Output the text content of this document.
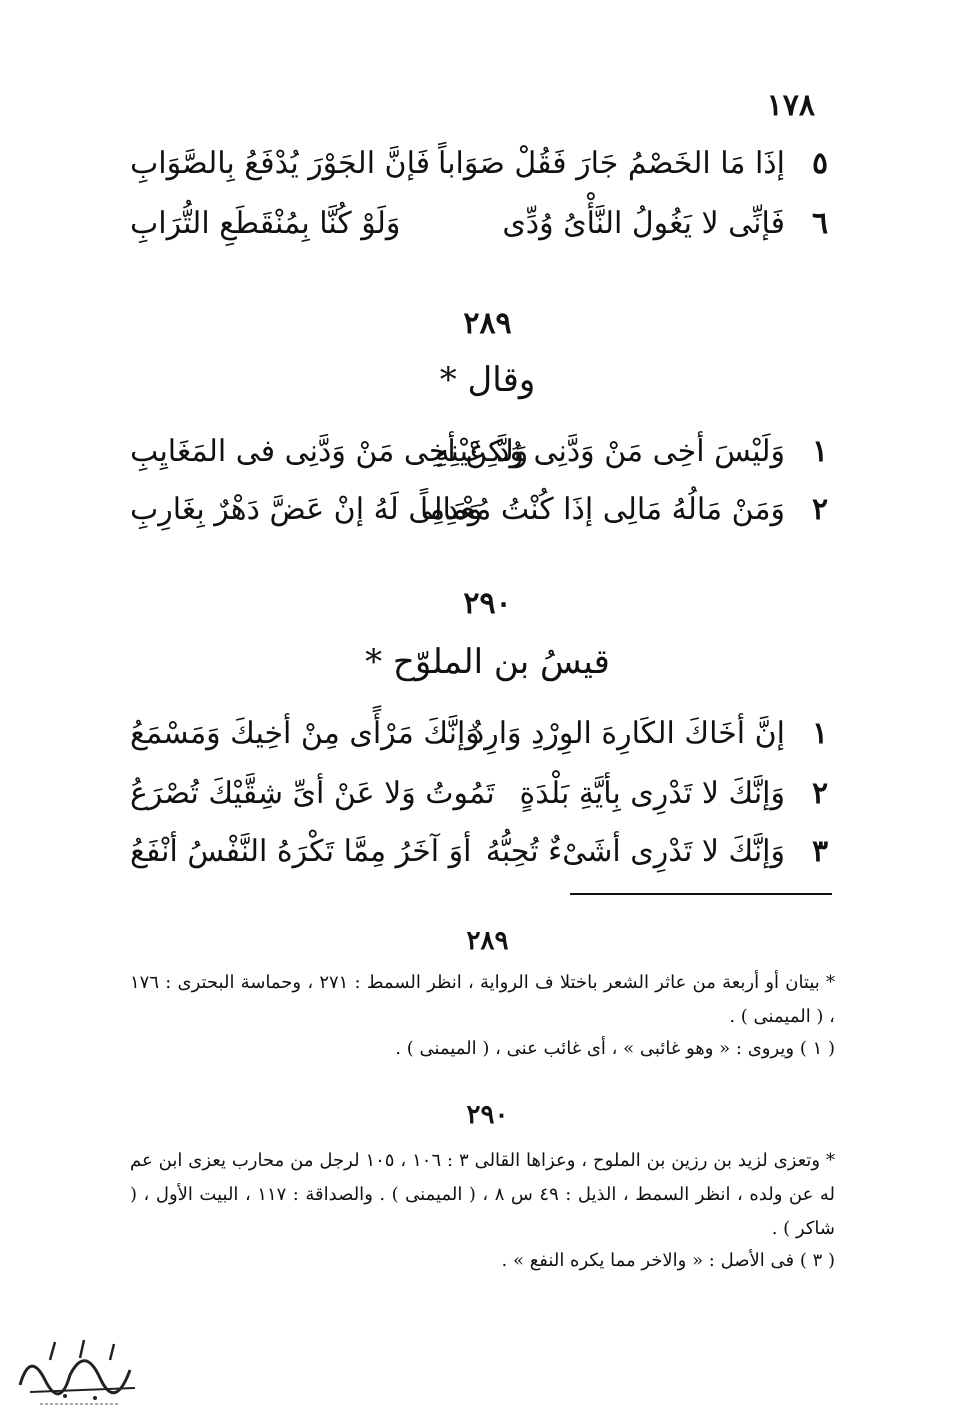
١٧٨
٥
إذَا مَا الخَصْمُ جَارَ فَقُلْ صَوَاباً
فَإنَّ الجَوْرَ يُدْفَعُ بِالصَّوَابِ
٦
فَإنِّى لا يَغُولُ النَّأْىُ وُدِّى
وَلَوْ كُنَّا بِمُنْقَطَعِ التُّرَابِ
٢٨٩
وقال *
١
وَلَيْسَ أخِى مَنْ وَدَّنِى وُدَّ عَيْنِهِ
وَلكِنْ أخِى مَنْ وَدَّنِى فى المَغَايِبِ
٢
وَمَنْ مَالُهُ مَالِى إذَا كُنْتُ مُعْدِماً
وَمَالِى لَهُ إنْ عَضَّ دَهْرٌ بِغَارِبِ
٢٩٠
قيسُ بن الملوّح *
١
إنَّ أخَاكَ الكَارِهَ الوِرْدِ وَارِدٌ
وَإنَّكَ مَرْأًى مِنْ أخِيكَ وَمَسْمَعُ
٢
وَإنَّكَ لا تَدْرِى بِأيَّةِ بَلْدَةٍ
تَمُوتُ وَلا عَنْ أىِّ شِقَّيْكَ تُصْرَعُ
٣
وَإنَّكَ لا تَدْرِى أشَىْءٌ تُحِبُّهُ
أوَ آخَرُ مِمَّا تَكْرَهُ النَّفْسُ أنْفَعُ
٢٨٩
* بيتان أو أربعة من عاثر الشعر باختلا ف الرواية ، انظر السمط : ٢٧١ ، وحماسة البحترى : ١٧٦ ، ( الميمنى ) .
( ١ ) ويروى : « وهو غائبى » ، أى غائب عنى ، ( الميمنى ) .
٢٩٠
* وتعزى لزيد بن رزين بن الملوح ، وعزاها القالى ٣ : ١٠٦ ، ١٠٥ لرجل من محارب يعزى ابن عم له عن ولده ، انظر السمط ، الذيل : ٤٩ س ٨ ، ( الميمنى ) . والصداقة : ١١٧ ، البيت الأول ، ( شاكر ) .
( ٣ ) فى الأصل : « والاخر مما يكره النفع » .
